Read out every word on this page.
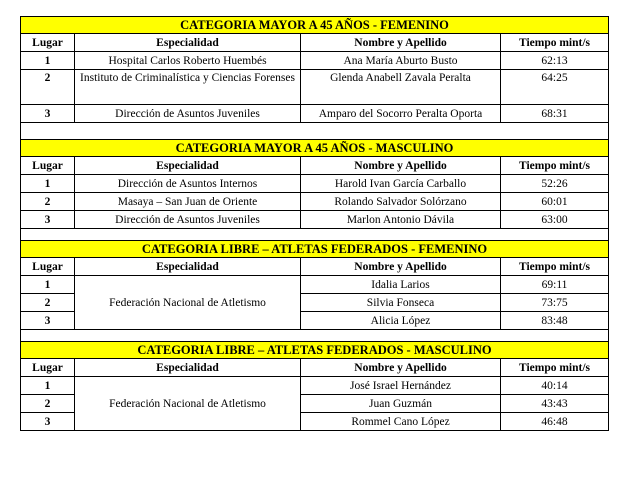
CATEGORIA MAYOR A 45 AÑOS - FEMENINO			
Lugar	Especialidad	Nombre y Apellido	Tiempo mint/s
1	Hospital Carlos Roberto Huembés	Ana María Aburto Busto	62:13
2	Instituto de Criminalística y Ciencias Forenses	Glenda Anabell Zavala Peralta	64:25
3	Dirección de Asuntos Juveniles	Amparo del Socorro Peralta Oporta	68:31

CATEGORIA MAYOR A 45 AÑOS - MASCULINO			
Lugar	Especialidad	Nombre y Apellido	Tiempo mint/s
1	Dirección de Asuntos Internos	Harold Ivan García Carballo	52:26
2	Masaya – San Juan de Oriente	Rolando Salvador Solórzano	60:01
3	Dirección de Asuntos Juveniles	Marlon Antonio Dávila	63:00

CATEGORIA LIBRE – ATLETAS FEDERADOS - FEMENINO			
Lugar	Especialidad	Nombre y Apellido	Tiempo mint/s
1	Federación Nacional de Atletismo	Idalia Larios	69:11
2		Silvia Fonseca	73:75
3		Alicia López	83:48

CATEGORIA LIBRE – ATLETAS FEDERADOS - MASCULINO			
Lugar	Especialidad	Nombre y Apellido	Tiempo mint/s
1	Federación Nacional de Atletismo	José Israel Hernández	40:14
2		Juan Guzmán	43:43
3		Rommel Cano López	46:48
